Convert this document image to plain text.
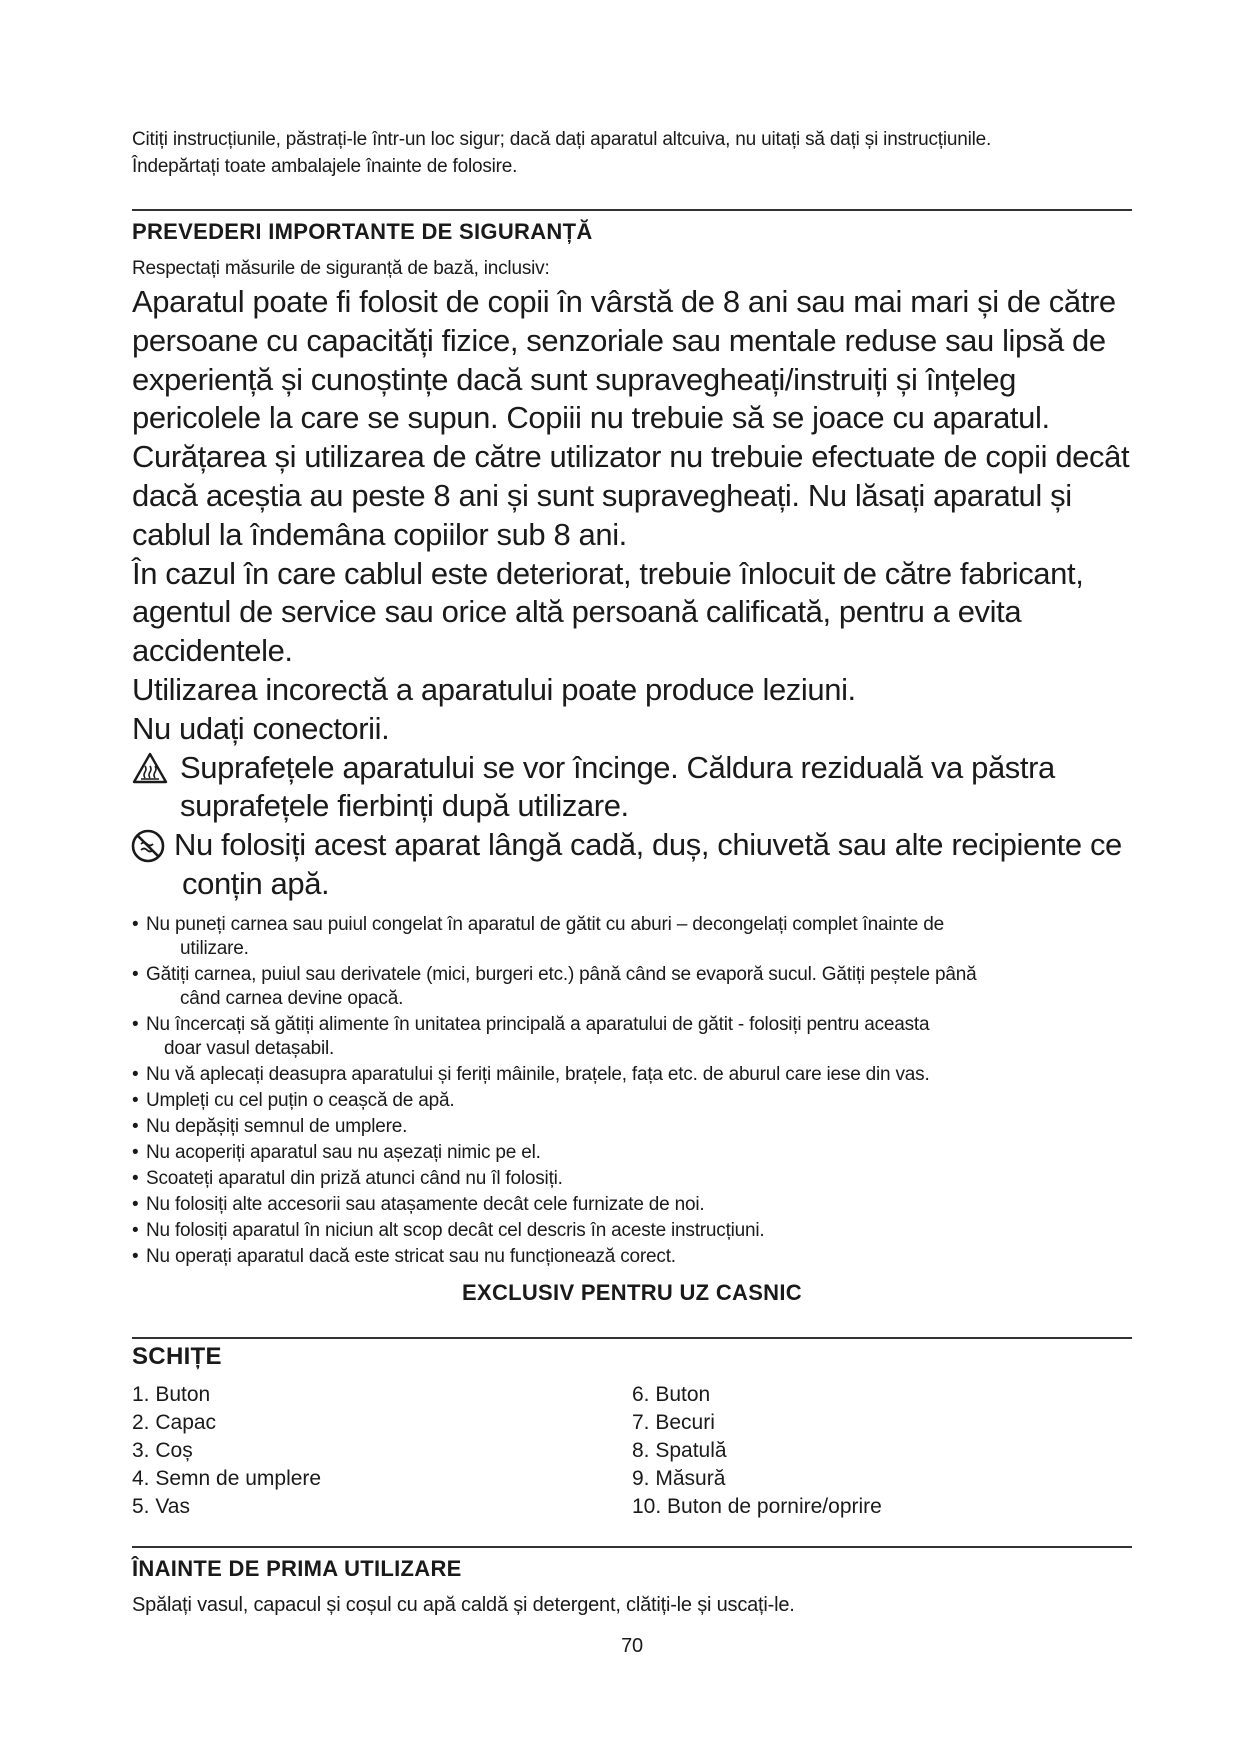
Citiți instrucțiunile, păstrați-le într-un loc sigur; dacă dați aparatul altcuiva, nu uitați să dați și instrucțiunile.
Îndepărtați toate ambalajele înainte de folosire.
PREVEDERI IMPORTANTE DE SIGURANȚĂ
Respectați măsurile de siguranță de bază, inclusiv:
Aparatul poate fi folosit de copii în vârstă de 8 ani sau mai mari și de către
persoane cu capacități fizice, senzoriale sau mentale reduse sau lipsă de
experiență și cunoștințe dacă sunt supravegheați/instruiți și înțeleg
pericolele la care se supun. Copiii nu trebuie să se joace cu aparatul.
Curățarea și utilizarea de către utilizator nu trebuie efectuate de copii decât
dacă aceștia au peste 8 ani și sunt supravegheați. Nu lăsați aparatul și
cablul la îndemâna copiilor sub 8 ani.
În cazul în care cablul este deteriorat, trebuie înlocuit de către fabricant,
agentul de service sau orice altă persoană calificată, pentru a evita
accidentele.
Utilizarea incorectă a aparatului poate produce leziuni.
Nu udați conectorii.
Suprafețele aparatului se vor încinge. Căldura reziduală va păstra
suprafețele fierbinți după utilizare.
Nu folosiți acest aparat lângă cadă, duș, chiuvetă sau alte recipiente ce
conțin apă.
• Nu puneți carnea sau puiul congelat în aparatul de gătit cu aburi – decongelați complet înainte de
utilizare.
• Gătiți carnea, puiul sau derivatele (mici, burgeri etc.) până când se evaporă sucul. Gătiți peștele până
când carnea devine opacă.
• Nu încercați să gătiți alimente în unitatea principală a aparatului de gătit - folosiți pentru aceasta
doar vasul detașabil.
• Nu vă aplecați deasupra aparatului și feriți mâinile, brațele, fața etc. de aburul care iese din vas.
• Umpleți cu cel puțin o ceașcă de apă.
• Nu depășiți semnul de umplere.
• Nu acoperiți aparatul sau nu așezați nimic pe el.
• Scoateți aparatul din priză atunci când nu îl folosiți.
• Nu folosiți alte accesorii sau atașamente decât cele furnizate de noi.
• Nu folosiți aparatul în niciun alt scop decât cel descris în aceste instrucțiuni.
• Nu operați aparatul dacă este stricat sau nu funcționează corect.
EXCLUSIV PENTRU UZ CASNIC
SCHIȚE
1. Buton
2. Capac
3. Coș
4. Semn de umplere
5. Vas
6. Buton
7. Becuri
8. Spatulă
9. Măsură
10. Buton de pornire/oprire
ÎNAINTE DE PRIMA UTILIZARE
Spălați vasul, capacul și coșul cu apă caldă și detergent, clătiți-le și uscați-le.
70
